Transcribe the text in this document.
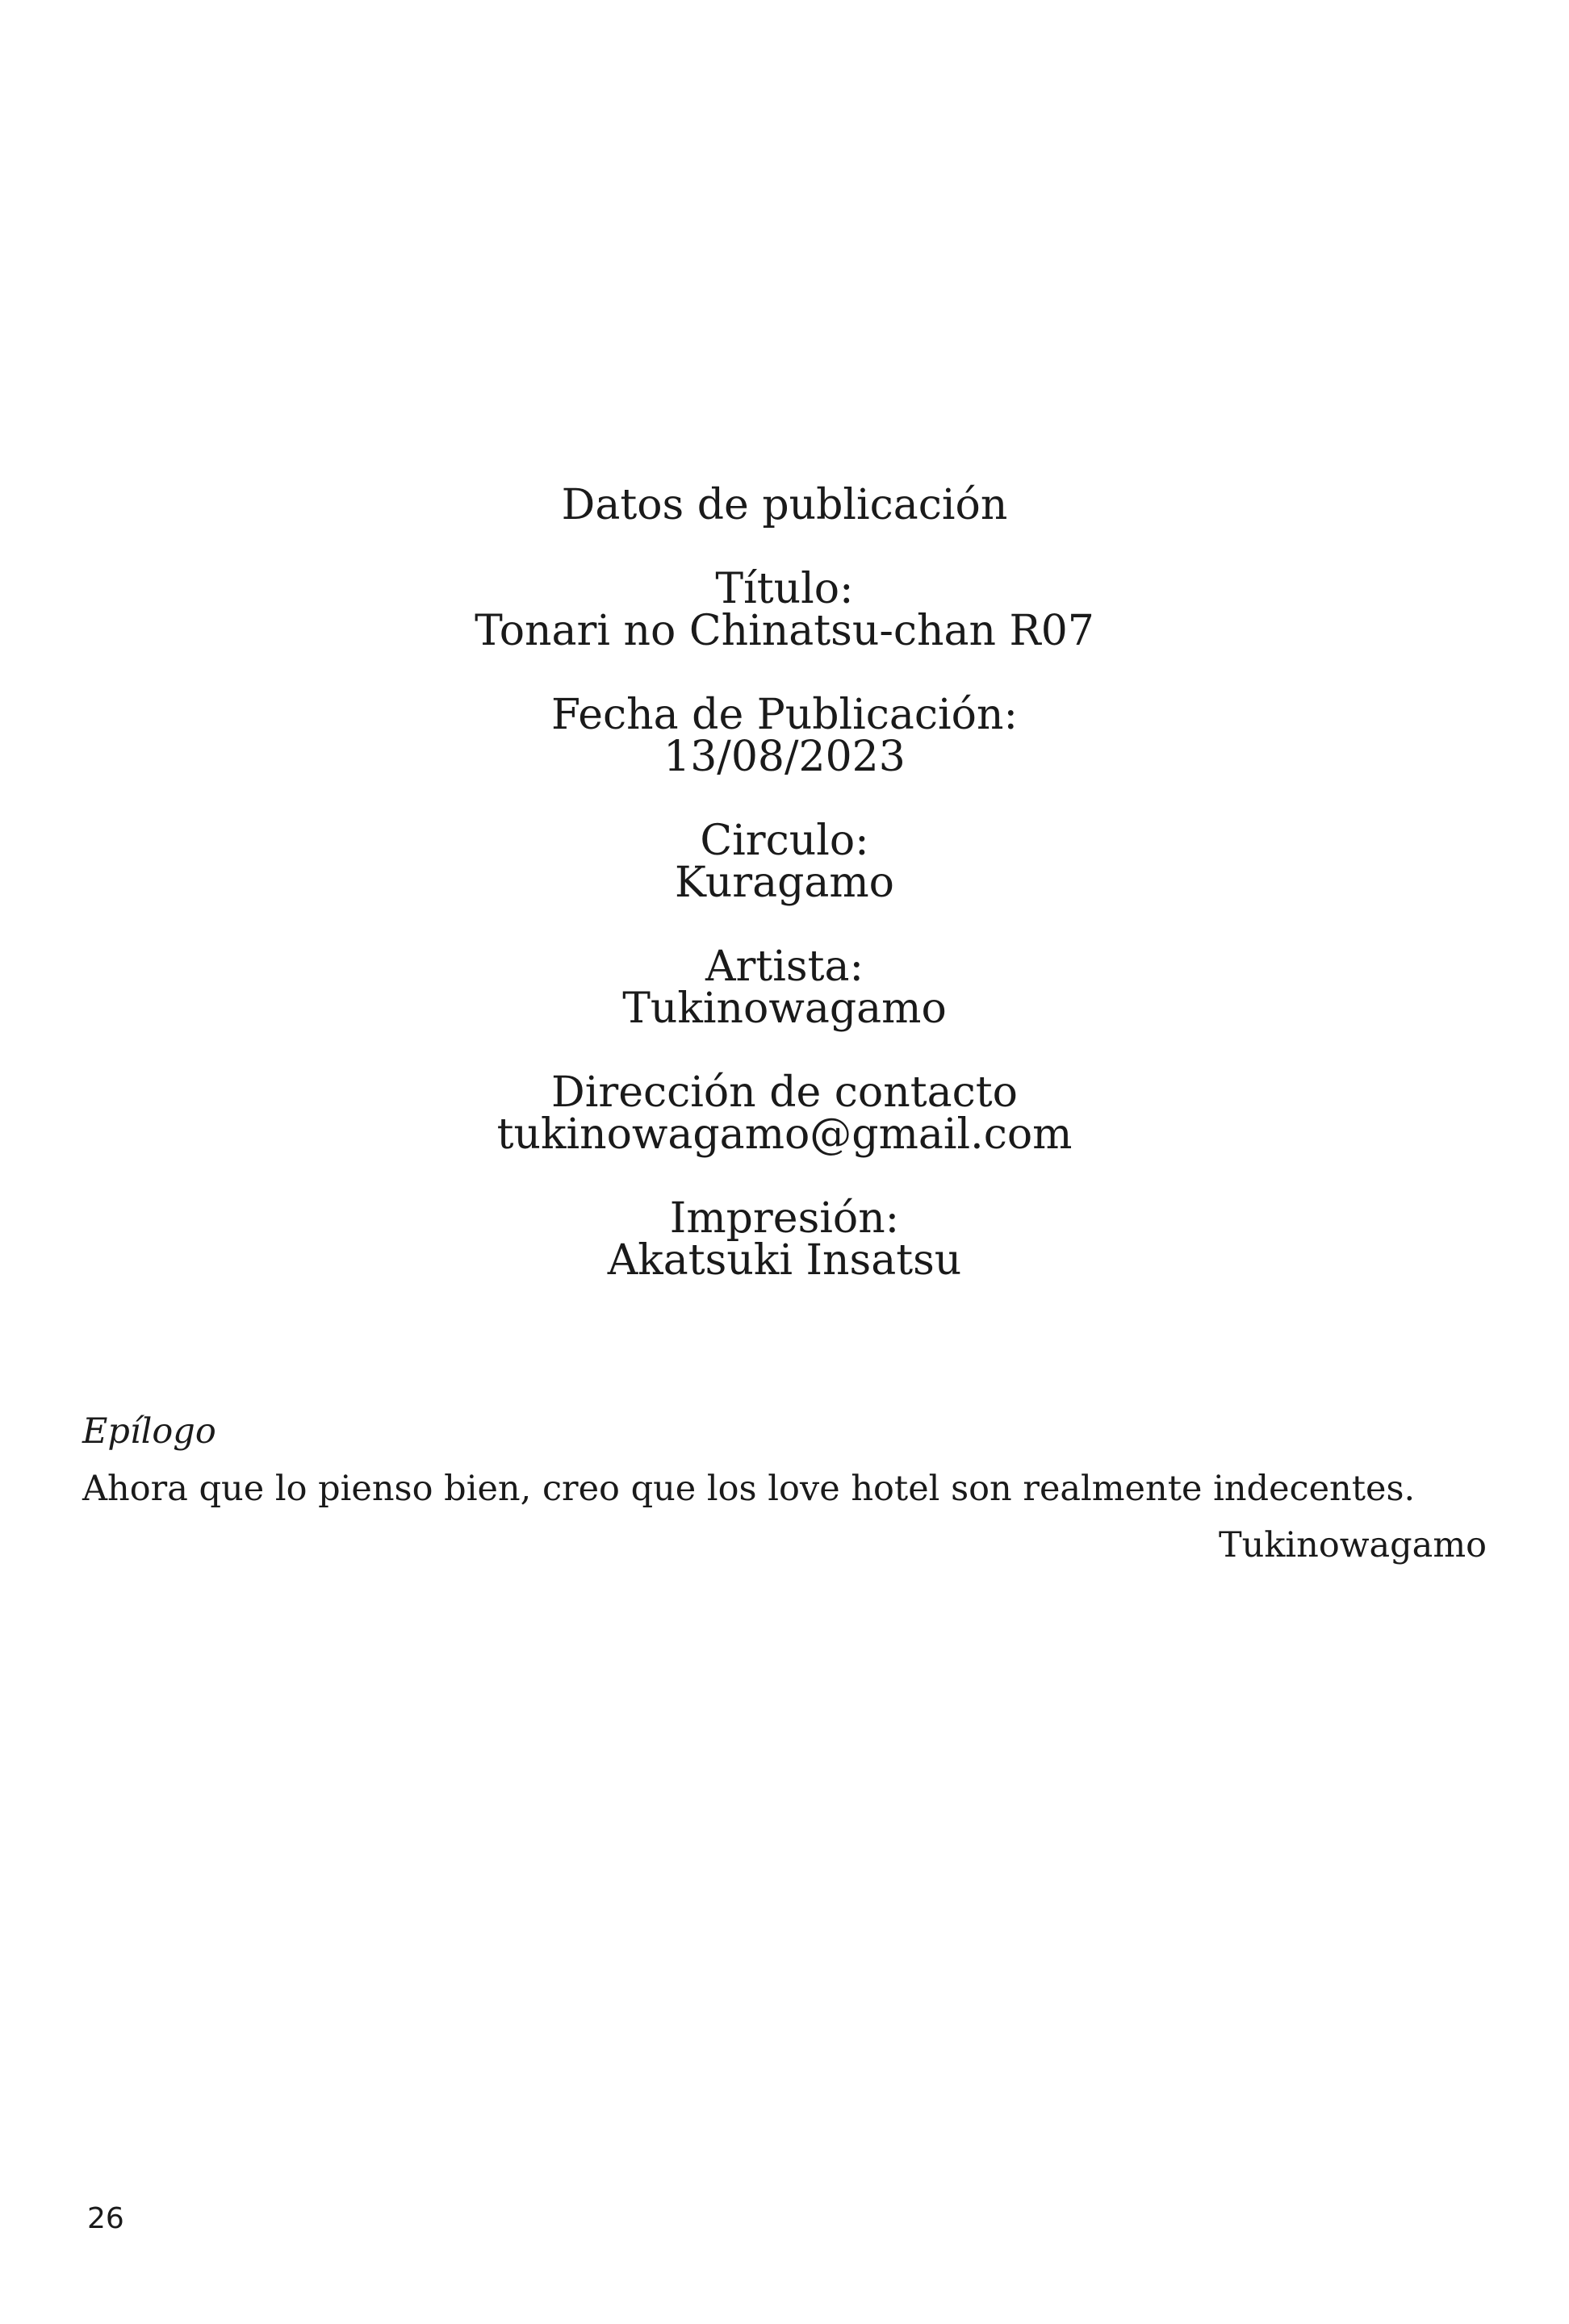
Datos de publicación
Título:
Tonari no Chinatsu-chan R07
Fecha de Publicación:
13/08/2023
Circulo:
Kuragamo
Artista:
Tukinowagamo
Dirección de contacto
tukinowagamo@gmail.com
Impresión:
Akatsuki Insatsu

Epílogo

Ahora que lo pienso bien, creo que los love hotel son realmente indecentes.

Tukinowagamo

26
